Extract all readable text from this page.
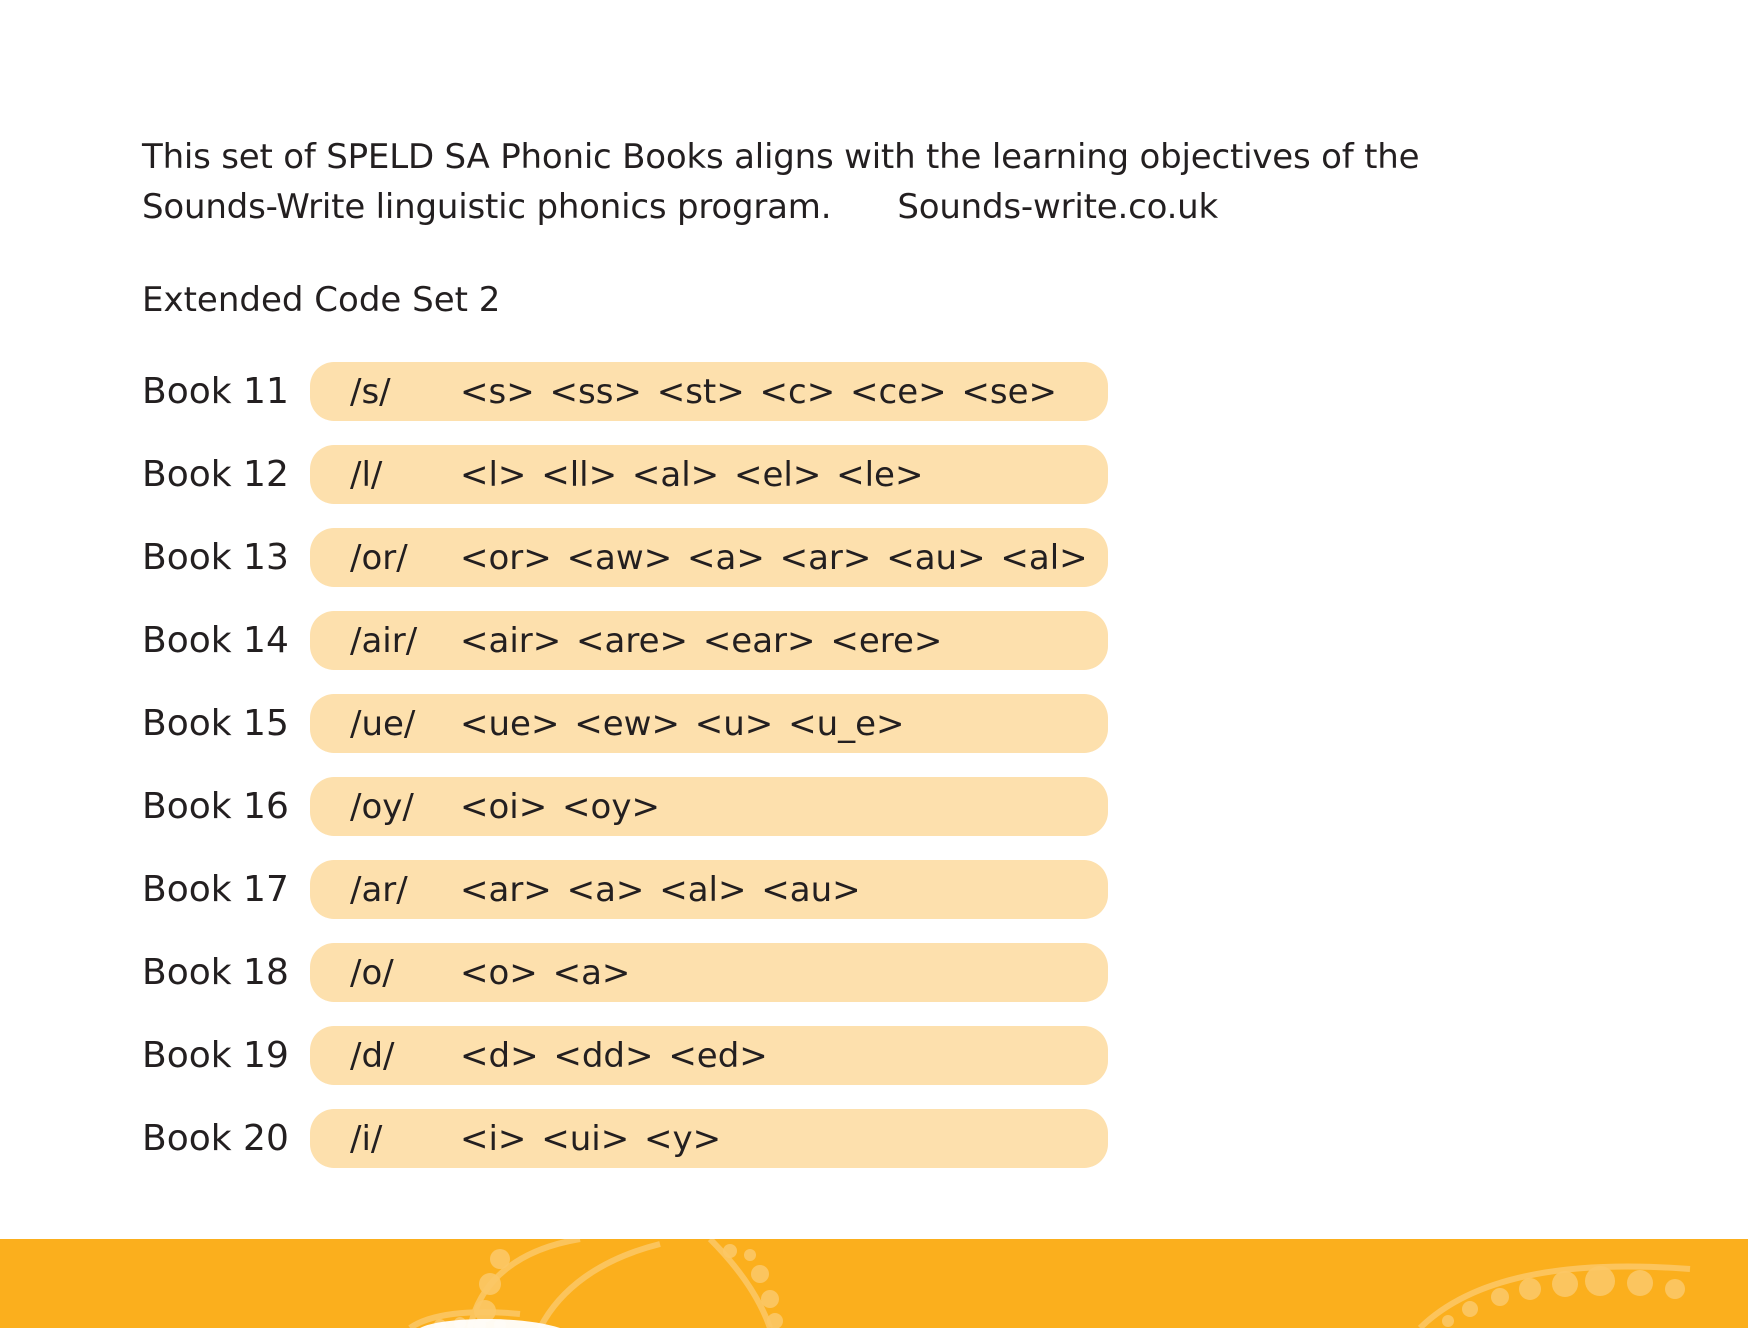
This set of SPELD SA Phonic Books aligns with the learning objectives of the
Sounds-Write linguistic phonics program. Sounds-write.co.uk
Extended Code Set 2
Book 11	/s/	<s> <ss> <st> <c> <ce> <se>
Book 12	/l/	<l> <ll> <al> <el> <le>
Book 13	/or/	<or> <aw> <a> <ar> <au> <al>
Book 14	/air/	<air> <are> <ear> <ere>
Book 15	/ue/	<ue> <ew> <u> <u_e>
Book 16	/oy/	<oi> <oy>
Book 17	/ar/	<ar> <a> <al> <au>
Book 18	/o/	<o> <a>
Book 19	/d/	<d> <dd> <ed>
Book 20	/i/	<i> <ui> <y>
